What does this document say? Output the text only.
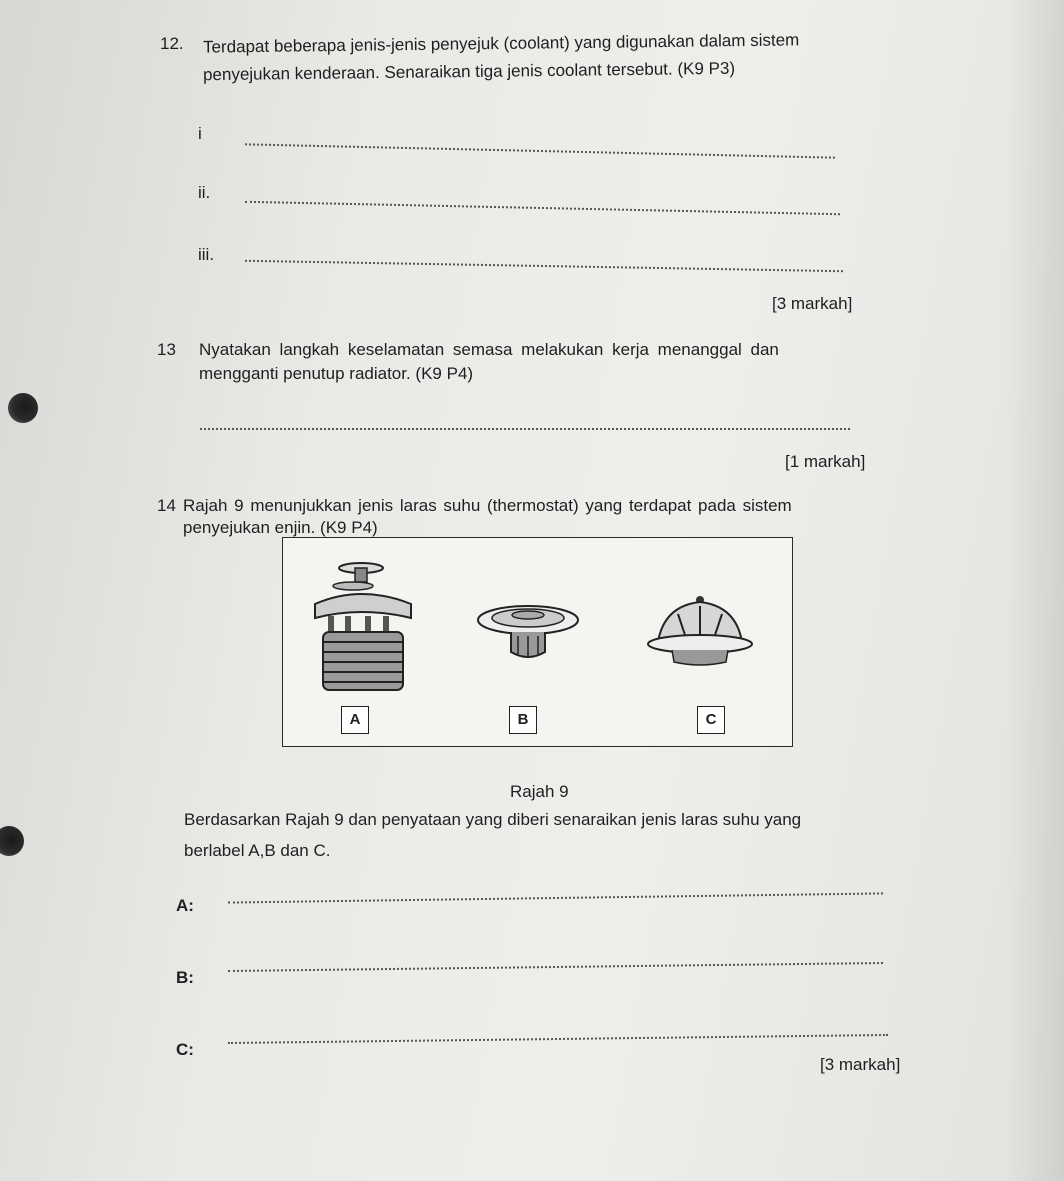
12. Terdapat beberapa jenis-jenis penyejuk (coolant) yang digunakan dalam sistem
penyejukan kenderaan. Senaraikan tiga jenis coolant tersebut. (K9 P3)
i
ii.
iii.
[3 markah]
13 Nyatakan langkah keselamatan semasa melakukan kerja menanggal dan
mengganti penutup radiator. (K9 P4)
[1 markah]
14 Rajah 9 menunjukkan jenis laras suhu (thermostat) yang terdapat pada sistem
penyejukan enjin. (K9 P4)
A	B	C
Rajah 9
Berdasarkan Rajah 9 dan penyataan yang diberi senaraikan jenis laras suhu yang
berlabel A,B dan C.
A:
B:
C:
[3 markah]
